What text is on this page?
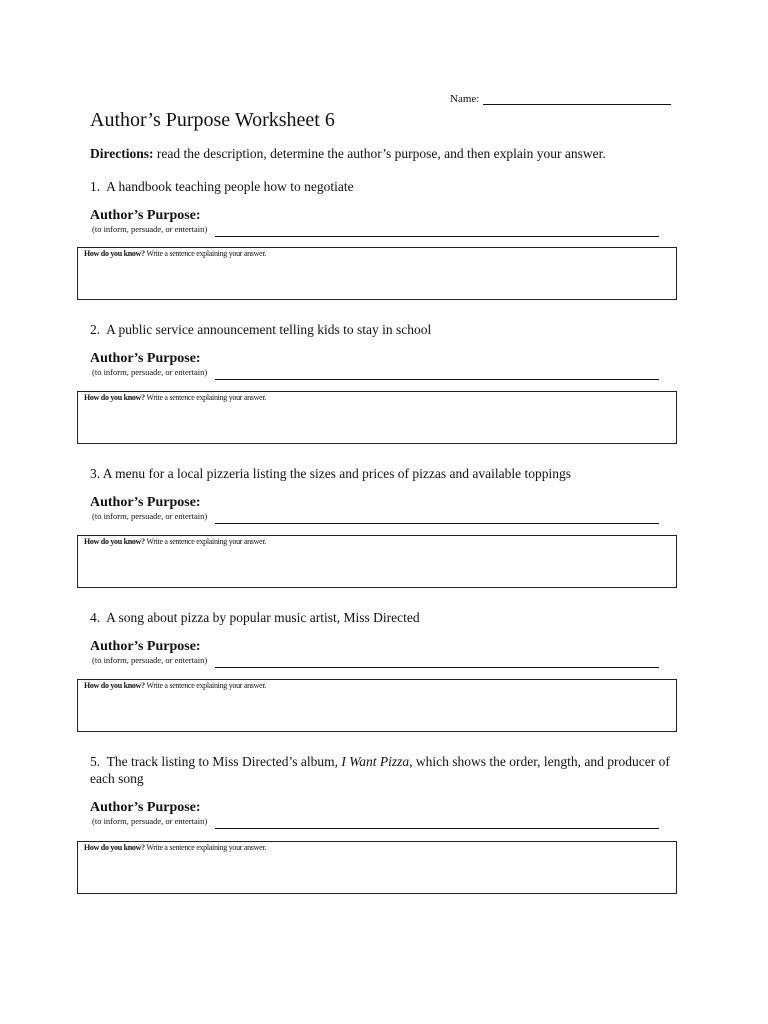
Name:
Author’s Purpose Worksheet 6
Directions: read the description, determine the author’s purpose, and then explain your answer.

1. A handbook teaching people how to negotiate

Author’s Purpose:
(to inform, persuade, or entertain)
How do you know? Write a sentence explaining your answer.

2. A public service announcement telling kids to stay in school

Author’s Purpose:
(to inform, persuade, or entertain)
How do you know? Write a sentence explaining your answer.

3. A menu for a local pizzeria listing the sizes and prices of pizzas and available toppings

Author’s Purpose:
(to inform, persuade, or entertain)
How do you know? Write a sentence explaining your answer.

4. A song about pizza by popular music artist, Miss Directed

Author’s Purpose:
(to inform, persuade, or entertain)
How do you know? Write a sentence explaining your answer.

5. The track listing to Miss Directed’s album, I Want Pizza, which shows the order, length, and producer of each song

Author’s Purpose:
(to inform, persuade, or entertain)
How do you know? Write a sentence explaining your answer.
